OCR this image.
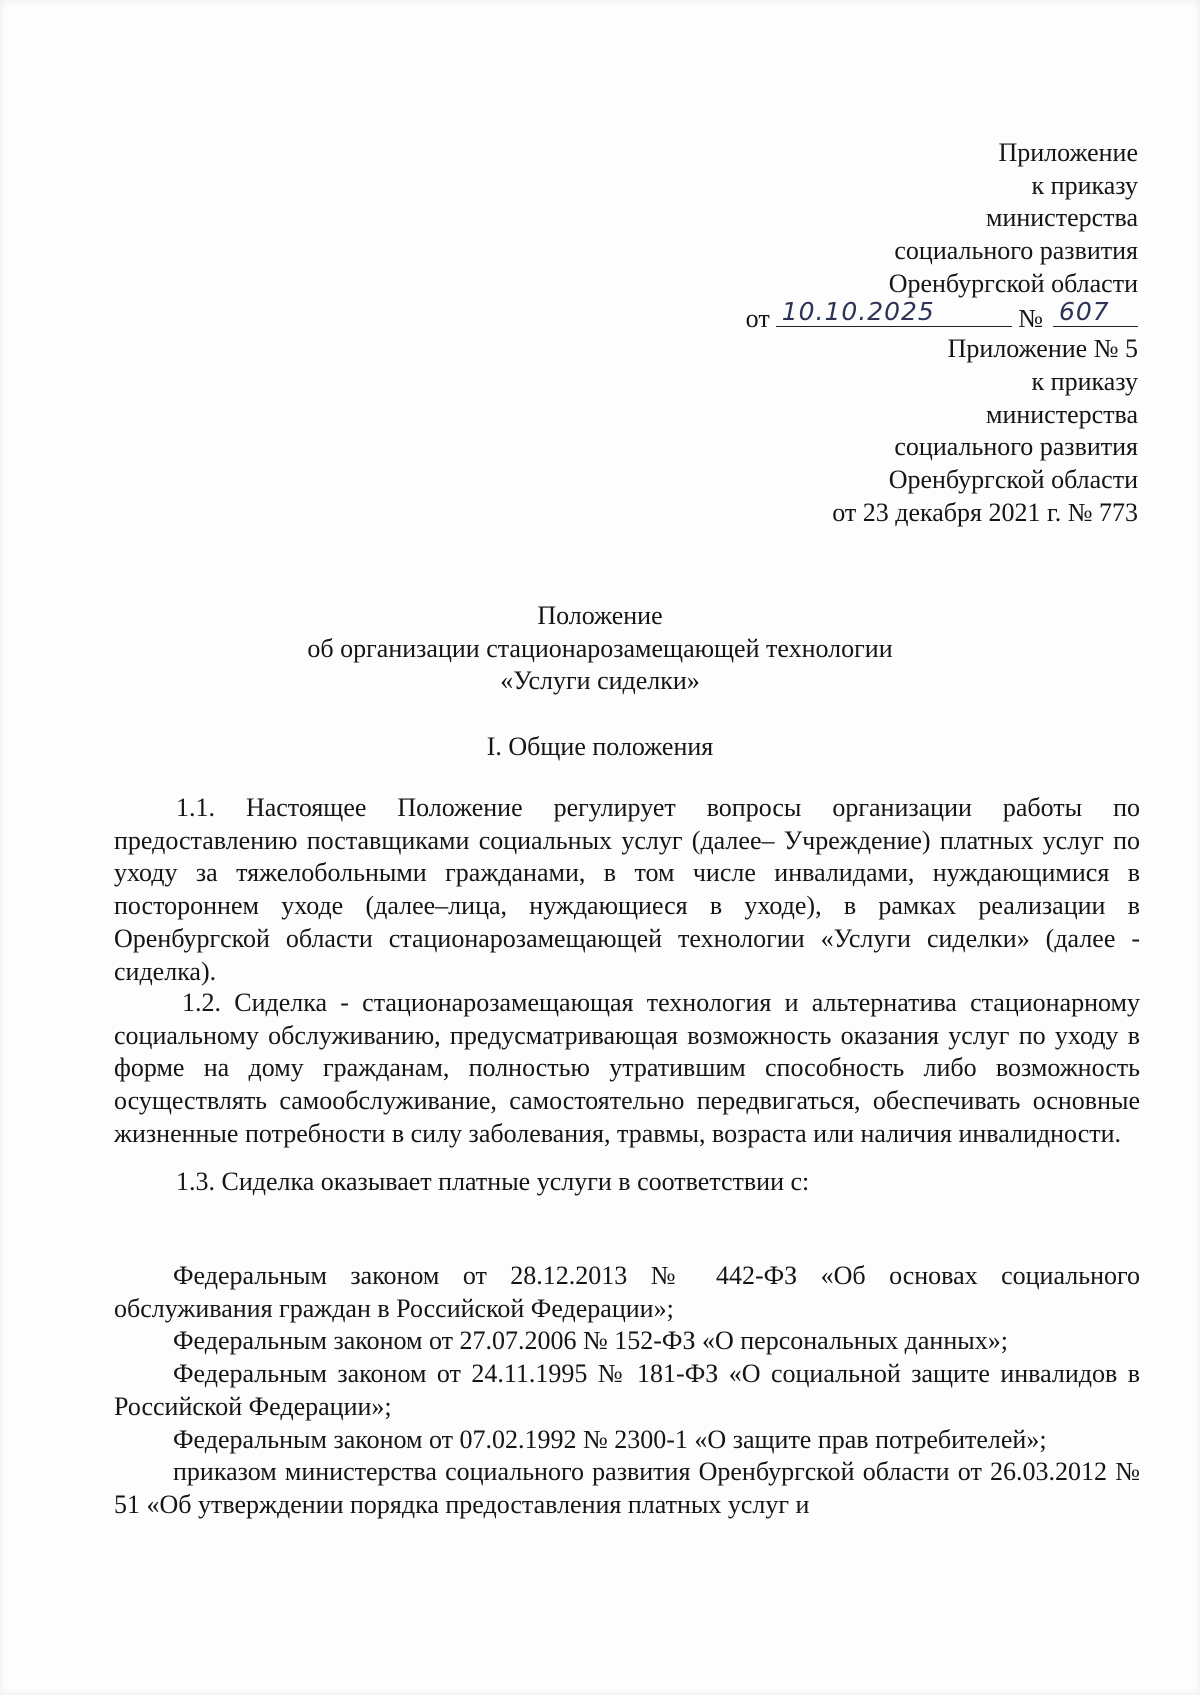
Приложение
к приказу
министерства
социального развития
Оренбургской области
от 10.10.2025	№ 607
Приложение № 5
к приказу
министерства
социального развития
Оренбургской области
от 23 декабря 2021 г. № 773
Положение
об организации стационарозамещающей технологии
«Услуги сиделки»
I. Общие положения

1.1. Настоящее Положение регулирует вопросы организации работы по предоставлению поставщиками социальных услуг (далее– Учреждение) платных услуг по уходу за тяжелобольными гражданами, в том числе инвалидами, нуждающимися в постороннем уходе (далее–лица, нуждающиеся в уходе), в рамках реализации в Оренбургской области стационарозамещающей технологии «Услуги сиделки» (далее - сиделка).

1.2. Сиделка - стационарозамещающая технология и альтернатива стационарному социальному обслуживанию, предусматривающая возможность оказания услуг по уходу в форме на дому гражданам, полностью утратившим способность либо возможность осуществлять самообслуживание, самостоятельно передвигаться, обеспечивать основные жизненные потребности в силу заболевания, травмы, возраста или наличия инвалидности.

1.3. Сиделка оказывает платные услуги в соответствии с:

Федеральным законом от 28.12.2013 № 442-ФЗ «Об основах социального обслуживания граждан в Российской Федерации»;

Федеральным законом от 27.07.2006 № 152-ФЗ «О персональных данных»;

Федеральным законом от 24.11.1995 № 181-ФЗ «О социальной защите инвалидов в Российской Федерации»;

Федеральным законом от 07.02.1992 № 2300-1 «О защите прав потребителей»;

приказом министерства социального развития Оренбургской области от 26.03.2012 № 51 «Об утверждении порядка предоставления платных услуг и
